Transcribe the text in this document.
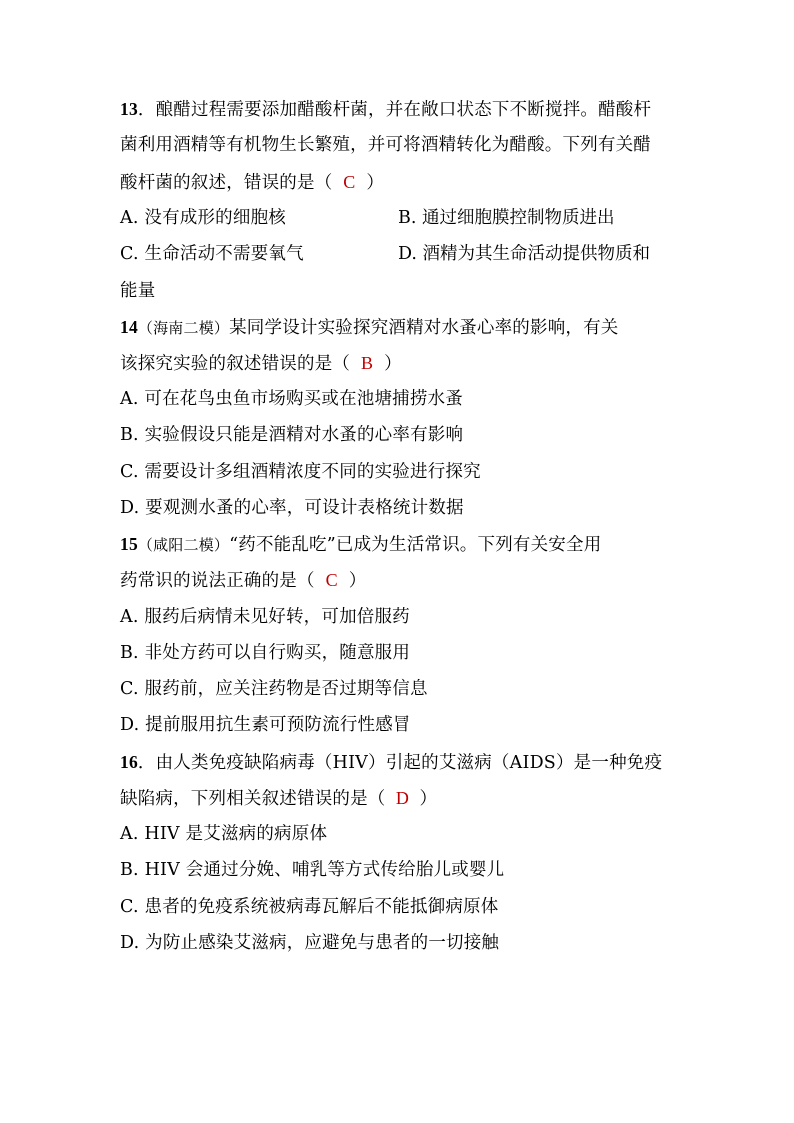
13．酿醋过程需要添加醋酸杆菌，并在敞口状态下不断搅拌。醋酸杆
菌利用酒精等有机物生长繁殖，并可将酒精转化为醋酸。下列有关醋
酸杆菌的叙述，错误的是（ C ）
A. 没有成形的细胞核	B. 通过细胞膜控制物质进出
C. 生命活动不需要氧气	D. 酒精为其生命活动提供物质和
能量
14（海南二模）某同学设计实验探究酒精对水蚤心率的影响，有关
该探究实验的叙述错误的是（ B ）
A. 可在花鸟虫鱼市场购买或在池塘捕捞水蚤
B. 实验假设只能是酒精对水蚤的心率有影响
C. 需要设计多组酒精浓度不同的实验进行探究
D. 要观测水蚤的心率，可设计表格统计数据
15（咸阳二模）“药不能乱吃”已成为生活常识。下列有关安全用
药常识的说法正确的是（ C ）
A. 服药后病情未见好转，可加倍服药
B. 非处方药可以自行购买，随意服用
C. 服药前，应关注药物是否过期等信息
D. 提前服用抗生素可预防流行性感冒
16．由人类免疫缺陷病毒（HIV）引起的艾滋病（AIDS）是一种免疫
缺陷病，下列相关叙述错误的是（ D ）
A. HIV 是艾滋病的病原体
B. HIV 会通过分娩、哺乳等方式传给胎儿或婴儿
C. 患者的免疫系统被病毒瓦解后不能抵御病原体
D. 为防止感染艾滋病，应避免与患者的一切接触
